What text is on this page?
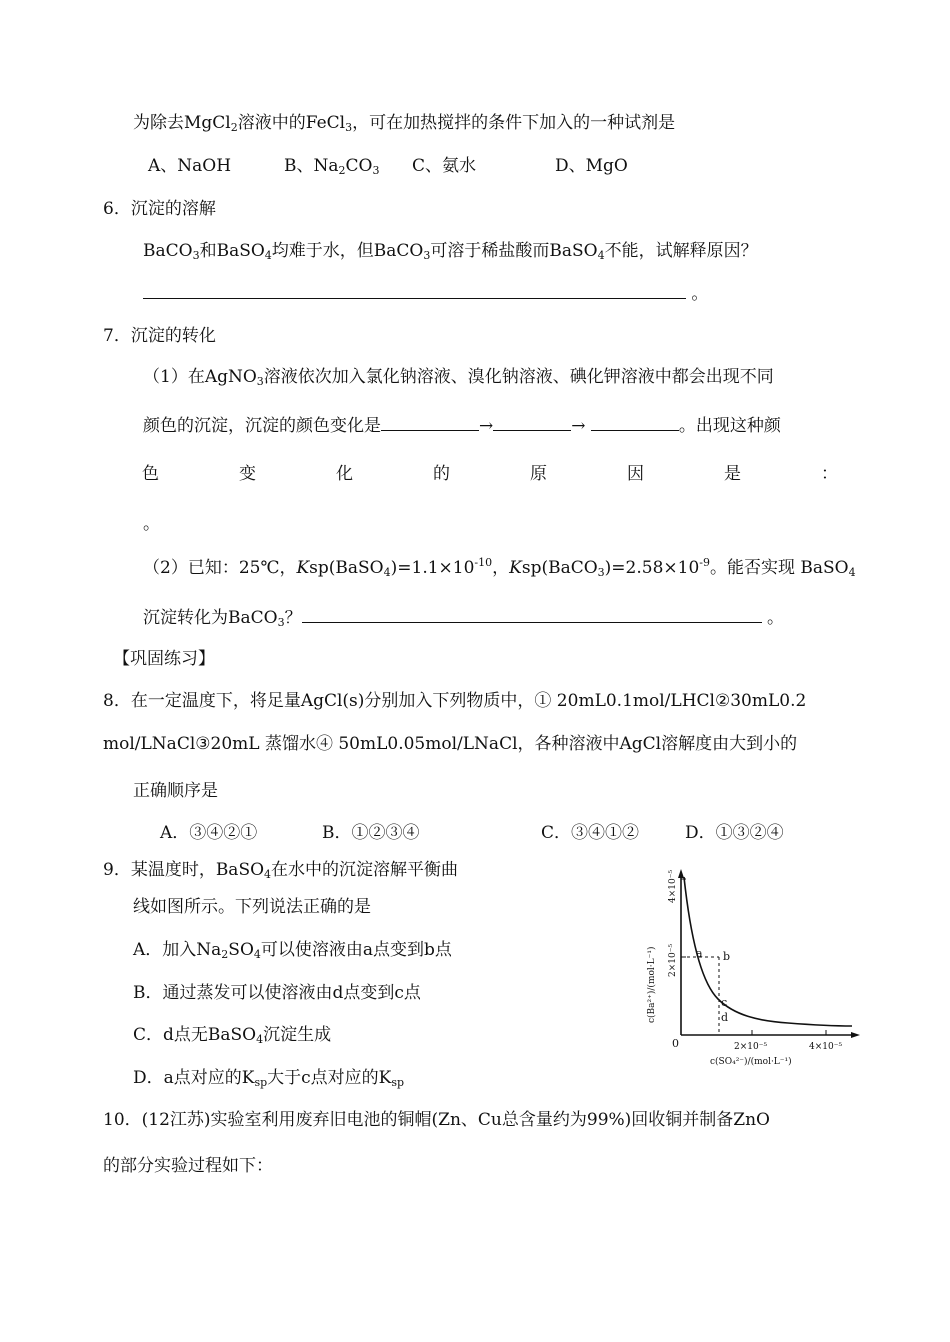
为除去MgCl$_2$溶液中的FeCl$_3$，可在加热搅拌的条件下加入的一种试剂是
A、NaOH	B、$Na_2CO_3$ C、氨水	D、MgO
6．沉淀的溶解
BaCO$_3$和BaSO$_4$均难于水，但BaCO$_3$可溶于稀盐酸而BaSO$_4$不能，试解释原因？
。
7．沉淀的转化
（1）在AgNO$_3$溶液依次加入氯化钠溶液、溴化钠溶液、碘化钾溶液中都会出现不同
颜色的沉淀，沉淀的颜色变化是	→	→	。出现这种颜
色	变	化	的	原	因	是	：
。
（2）已知：25℃，$Ksp(BaSO_4)=1.1\times 10^{-10}$，$Ksp(BaCO_3)=2.58\times 10^{-9}$。能否实现 BaSO$_4$
沉淀转化为BaCO$_3$？	。
【巩固练习】
8．在一定温度下，将足量AgCl(s)分别加入下列物质中，① 20mL0.1mol/LHCl②30mL0.2
mol/LNaCl③20mL 蒸馏水④ 50mL0.05mol/LNaCl，各种溶液中AgCl溶解度由大到小的
正确顺序是
A．③④②①	B．①②③④	C．③④①②	D．①③②④
9．某温度时，BaSO$_4$在水中的沉淀溶解平衡曲
线如图所示。下列说法正确的是
A．加入$Na_2SO_4$可以使溶液由a点变到b点
B．通过蒸发可以使溶液由d点变到c点
C．d点无BaSO$_4$沉淀生成
D．a点对应的$K_{sp}$大于c点对应的$K_{sp}$
a b
c
d
0
2×10⁻⁵
4×10⁻⁵
2×10⁻⁵	4×10⁻⁵
c(Ba²⁺)/(mol·L⁻¹)
c(SO₄²⁻)/(mol·L⁻¹)
10．(12江苏)实验室利用废弃旧电池的铜帽(Zn、Cu总含量约为99%)回收铜并制备ZnO
的部分实验过程如下：
